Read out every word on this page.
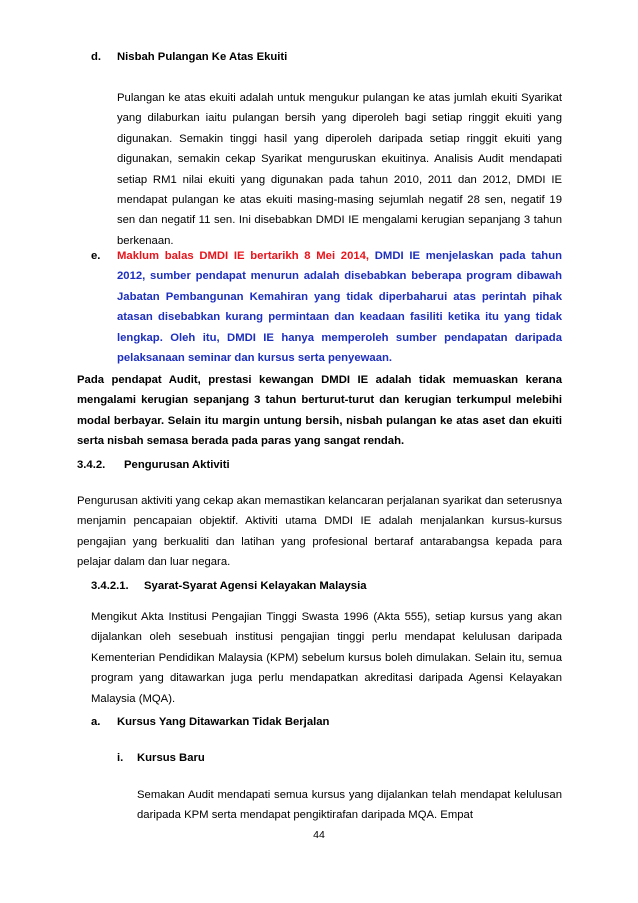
d. Nisbah Pulangan Ke Atas Ekuiti

Pulangan ke atas ekuiti adalah untuk mengukur pulangan ke atas jumlah ekuiti Syarikat yang dilaburkan iaitu pulangan bersih yang diperoleh bagi setiap ringgit ekuiti yang digunakan. Semakin tinggi hasil yang diperoleh daripada setiap ringgit ekuiti yang digunakan, semakin cekap Syarikat menguruskan ekuitinya. Analisis Audit mendapati setiap RM1 nilai ekuiti yang digunakan pada tahun 2010, 2011 dan 2012, DMDI IE mendapat pulangan ke atas ekuiti masing-masing sejumlah negatif 28 sen, negatif 19 sen dan negatif 11 sen. Ini disebabkan DMDI IE mengalami kerugian sepanjang 3 tahun berkenaan.

e. Maklum balas DMDI IE bertarikh 8 Mei 2014, DMDI IE menjelaskan pada tahun 2012, sumber pendapat menurun adalah disebabkan beberapa program dibawah Jabatan Pembangunan Kemahiran yang tidak diperbaharui atas perintah pihak atasan disebabkan kurang permintaan dan keadaan fasiliti ketika itu yang tidak lengkap. Oleh itu, DMDI IE hanya memperoleh sumber pendapatan daripada pelaksanaan seminar dan kursus serta penyewaan.

Pada pendapat Audit, prestasi kewangan DMDI IE adalah tidak memuaskan kerana mengalami kerugian sepanjang 3 tahun berturut-turut dan kerugian terkumpul melebihi modal berbayar. Selain itu margin untung bersih, nisbah pulangan ke atas aset dan ekuiti serta nisbah semasa berada pada paras yang sangat rendah.

3.4.2. Pengurusan Aktiviti

Pengurusan aktiviti yang cekap akan memastikan kelancaran perjalanan syarikat dan seterusnya menjamin pencapaian objektif. Aktiviti utama DMDI IE adalah menjalankan kursus-kursus pengajian yang berkualiti dan latihan yang profesional bertaraf antarabangsa kepada para pelajar dalam dan luar negara.

3.4.2.1. Syarat-Syarat Agensi Kelayakan Malaysia

Mengikut Akta Institusi Pengajian Tinggi Swasta 1996 (Akta 555), setiap kursus yang akan dijalankan oleh sesebuah institusi pengajian tinggi perlu mendapat kelulusan daripada Kementerian Pendidikan Malaysia (KPM) sebelum kursus boleh dimulakan. Selain itu, semua program yang ditawarkan juga perlu mendapatkan akreditasi daripada Agensi Kelayakan Malaysia (MQA).

a. Kursus Yang Ditawarkan Tidak Berjalan
i. Kursus Baru

Semakan Audit mendapati semua kursus yang dijalankan telah mendapat kelulusan daripada KPM serta mendapat pengiktirafan daripada MQA. Empat

44
